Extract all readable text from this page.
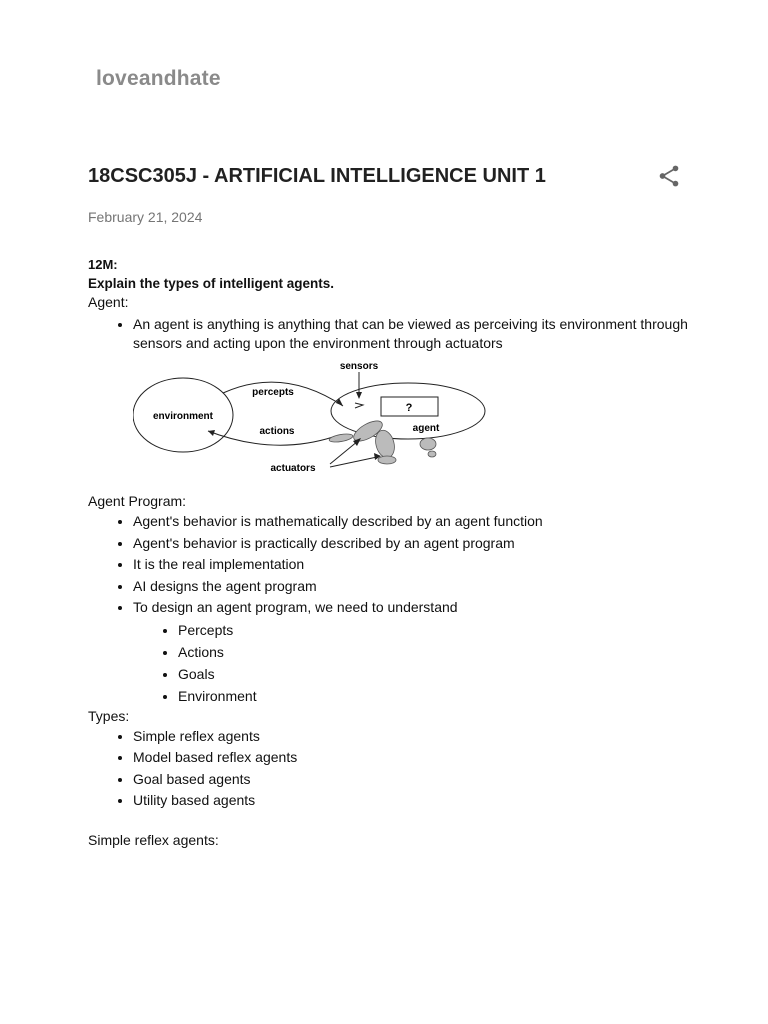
loveandhate
18CSC305J - ARTIFICIAL INTELLIGENCE UNIT 1
February 21, 2024

12M:

Explain the types of intelligent agents.

Agent:

• An agent is anything is anything that can be viewed as perceiving its environment through sensors and acting upon the environment through actuators
environment
percepts
actions
sensors
?
agent
actuators

Agent Program:

• Agent's behavior is mathematically described by an agent function
• Agent's behavior is practically described by an agent program
• It is the real implementation
• AI designs the agent program
• To design an agent program, we need to understand
• Percepts
• Actions
• Goals
• Environment

Types:

• Simple reflex agents
• Model based reflex agents
• Goal based agents
• Utility based agents

Simple reflex agents:
